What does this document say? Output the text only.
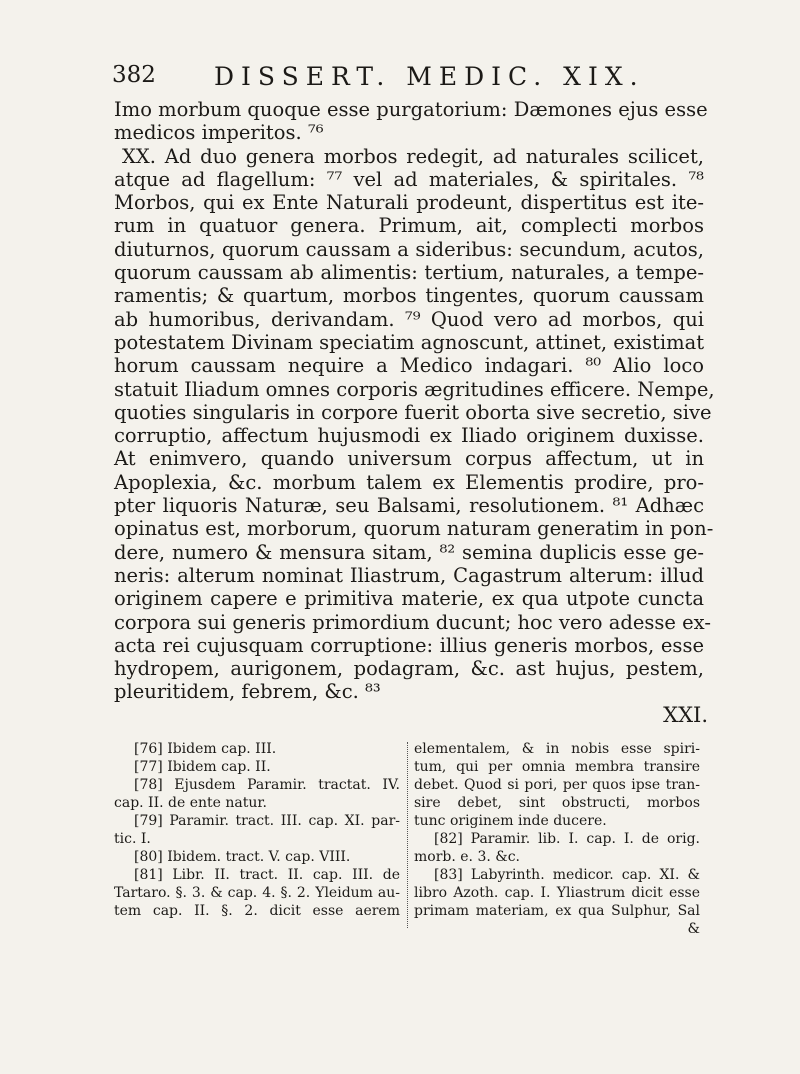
382 DISSERT. MEDIC. XIX.
Imo morbum quoque esse purgatorium: Dæmones ejus esse
medicos imperitos. ⁷⁶
XX. Ad duo genera morbos redegit, ad naturales scilicet,
atque ad flagellum: ⁷⁷ vel ad materiales, & spiritales. ⁷⁸
Morbos, qui ex Ente Naturali prodeunt, dispertitus est ite-
rum in quatuor genera. Primum, ait, complecti morbos
diuturnos, quorum caussam a sideribus: secundum, acutos,
quorum caussam ab alimentis: tertium, naturales, a tempe-
ramentis; & quartum, morbos tingentes, quorum caussam
ab humoribus, derivandam. ⁷⁹ Quod vero ad morbos, qui
potestatem Divinam speciatim agnoscunt, attinet, existimat
horum caussam nequire a Medico indagari. ⁸⁰ Alio loco
statuit Iliadum omnes corporis ægritudines efficere. Nempe,
quoties singularis in corpore fuerit oborta sive secretio, sive
corruptio, affectum hujusmodi ex Iliado originem duxisse.
At enimvero, quando universum corpus affectum, ut in
Apoplexia, &c. morbum talem ex Elementis prodire, pro-
pter liquoris Naturæ, seu Balsami, resolutionem. ⁸¹ Adhæc
opinatus est, morborum, quorum naturam generatim in pon-
dere, numero & mensura sitam, ⁸² semina duplicis esse ge-
neris: alterum nominat Iliastrum, Cagastrum alterum: illud
originem capere e primitiva materie, ex qua utpote cuncta
corpora sui generis primordium ducunt; hoc vero adesse ex-
acta rei cujusquam corruptione: illius generis morbos, esse
hydropem, aurigonem, podagram, &c. ast hujus, pestem,
pleuritidem, febrem, &c. ⁸³
XXI.
[76] Ibidem cap. III.
[77] Ibidem cap. II.
[78] Ejusdem Paramir. tractat. IV.
cap. II. de ente natur.
[79] Paramir. tract. III. cap. XI. par-
tic. I.
[80] Ibidem. tract. V. cap. VIII.
[81] Libr. II. tract. II. cap. III. de
Tartaro. §. 3. & cap. 4. §. 2. Yleidum au-
tem cap. II. §. 2. dicit esse aerem
elementalem, & in nobis esse spiri-
tum, qui per omnia membra transire
debet. Quod si pori, per quos ipse tran-
sire debet, sint obstructi, morbos
tunc originem inde ducere.
[82] Paramir. lib. I. cap. I. de orig.
morb. e. 3. &c.
[83] Labyrinth. medicor. cap. XI. &
libro Azoth. cap. I. Yliastrum dicit esse
primam materiam, ex qua Sulphur, Sal
&
